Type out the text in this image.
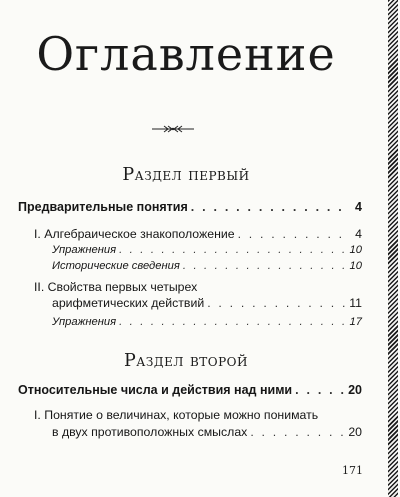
Оглавление
Раздел первый
Предварительные понятия . . .	4
I. Алгебраическое знакоположение . . .	4
Упражнения . . .	10
Исторические сведения . . .	10
II. Свойства первых четырех
арифметических действий . . .	11
Упражнения . . .	17
Раздел второй
Относительные числа и действия над ними . . .	20
I. Понятие о величинах, которые можно понимать
в двух противоположных смыслах . . .	20
171
